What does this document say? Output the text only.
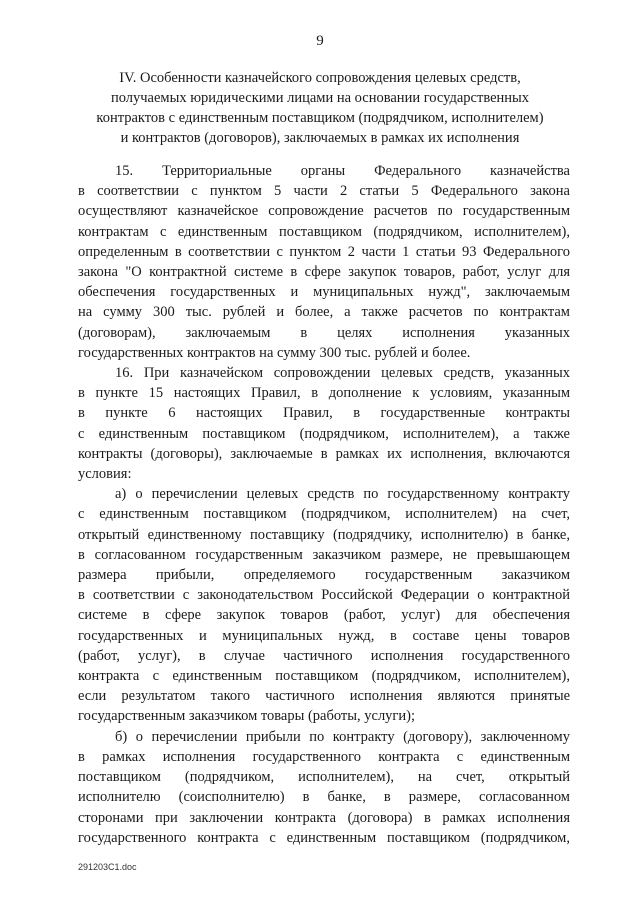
9
IV. Особенности казначейского сопровождения целевых средств,
получаемых юридическими лицами на основании государственных
контрактов с единственным поставщиком (подрядчиком, исполнителем)
и контрактов (договоров), заключаемых в рамках их исполнения

15. Территориальные органы Федерального казначейства
в соответствии с пунктом 5 части 2 статьи 5 Федерального закона
осуществляют казначейское сопровождение расчетов по государственным
контрактам с единственным поставщиком (подрядчиком, исполнителем),
определенным в соответствии с пунктом 2 части 1 статьи 93 Федерального
закона "О контрактной системе в сфере закупок товаров, работ, услуг для
обеспечения государственных и муниципальных нужд", заключаемым
на сумму 300 тыс. рублей и более, а также расчетов по контрактам
(договорам), заключаемым в целях исполнения указанных
государственных контрактов на сумму 300 тыс. рублей и более.

16. При казначейском сопровождении целевых средств, указанных
в пункте 15 настоящих Правил, в дополнение к условиям, указанным
в пункте 6 настоящих Правил, в государственные контракты
с единственным поставщиком (подрядчиком, исполнителем), а также
контракты (договоры), заключаемые в рамках их исполнения, включаются
условия:

а) о перечислении целевых средств по государственному контракту
с единственным поставщиком (подрядчиком, исполнителем) на счет,
открытый единственному поставщику (подрядчику, исполнителю) в банке,
в согласованном государственным заказчиком размере, не превышающем
размера прибыли, определяемого государственным заказчиком
в соответствии с законодательством Российской Федерации о контрактной
системе в сфере закупок товаров (работ, услуг) для обеспечения
государственных и муниципальных нужд, в составе цены товаров
(работ, услуг), в случае частичного исполнения государственного
контракта с единственным поставщиком (подрядчиком, исполнителем),
если результатом такого частичного исполнения являются принятые
государственным заказчиком товары (работы, услуги);

б) о перечислении прибыли по контракту (договору), заключенному
в рамках исполнения государственного контракта с единственным
поставщиком (подрядчиком, исполнителем), на счет, открытый
исполнителю (соисполнителю) в банке, в размере, согласованном
сторонами при заключении контракта (договора) в рамках исполнения
государственного контракта с единственным поставщиком (подрядчиком,

291203C1.doc
